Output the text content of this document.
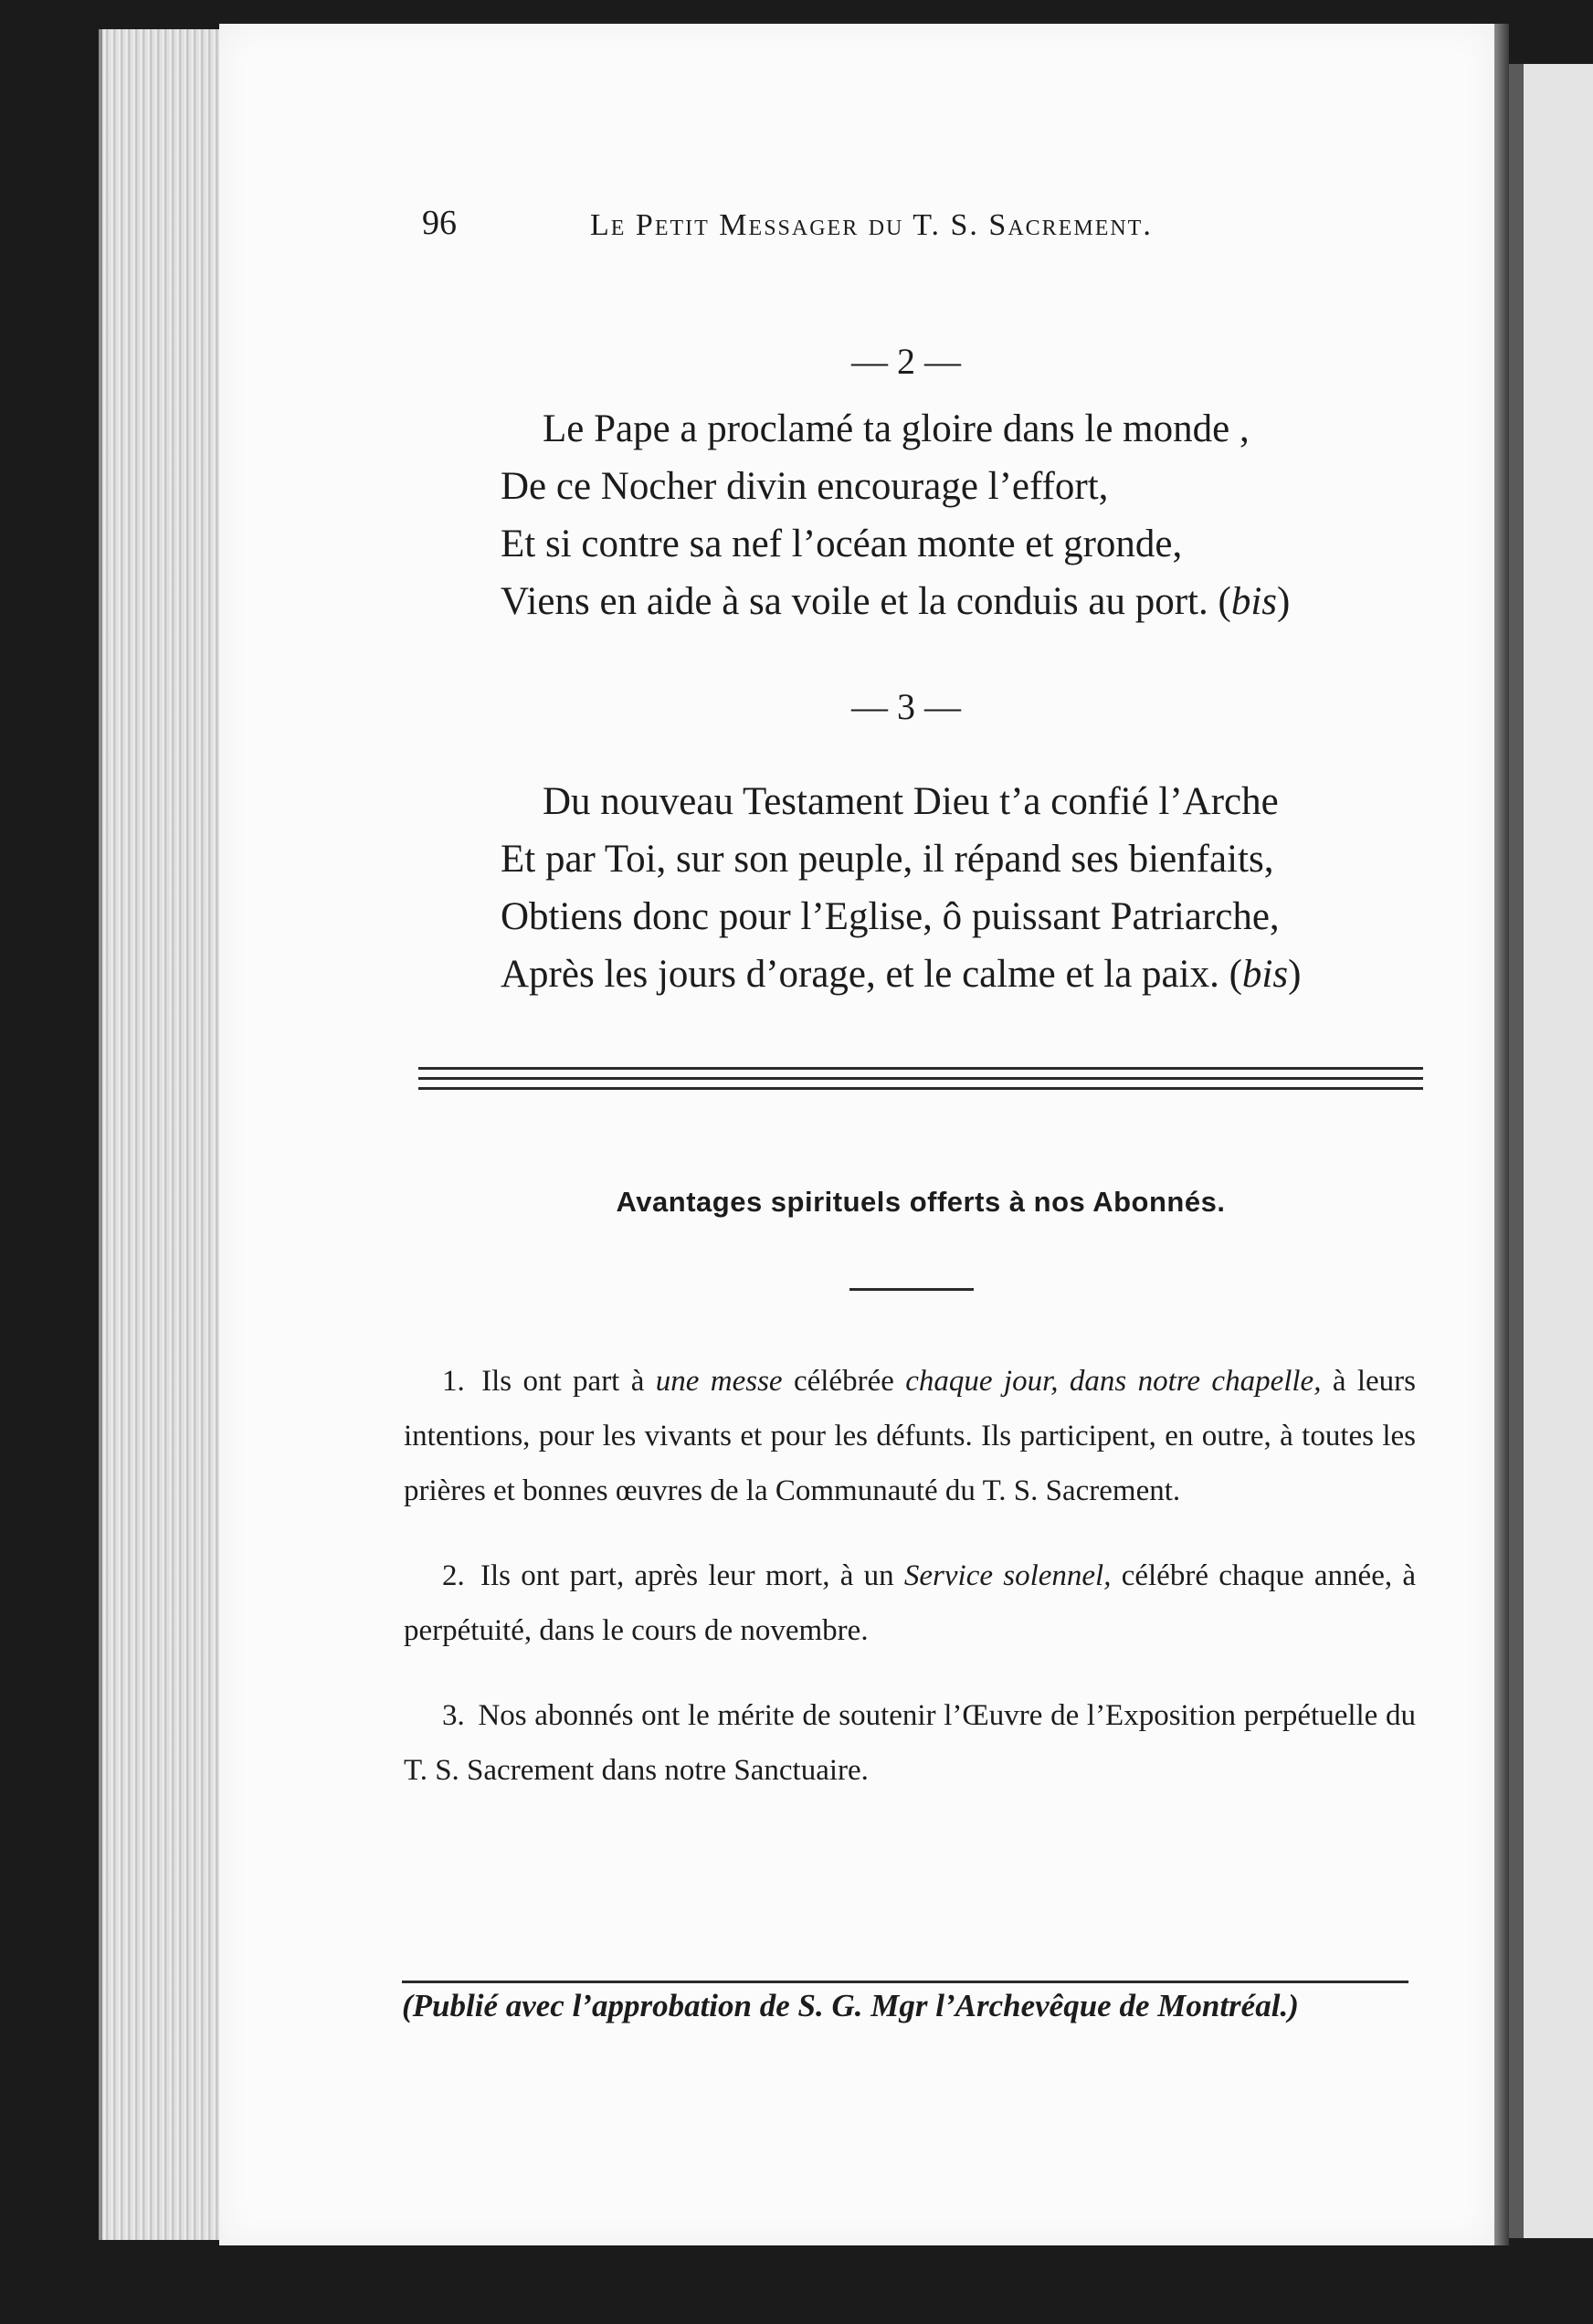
96	Le Petit Messager du T. S. Sacrement.
— 2 —
Le Pape a proclamé ta gloire dans le monde ,
De ce Nocher divin encourage l’effort,
Et si contre sa nef l’océan monte et gronde,
Viens en aide à sa voile et la conduis au port. (bis)
— 3 —
Du nouveau Testament Dieu t’a confié l’Arche
Et par Toi, sur son peuple, il répand ses bienfaits,
Obtiens donc pour l’Eglise, ô puissant Patriarche,
Après les jours d’orage, et le calme et la paix. (bis)
Avantages spirituels offerts à nos Abonnés.

1. Ils ont part à une messe célébrée chaque jour, dans notre chapelle, à leurs intentions, pour les vivants et pour les défunts. Ils participent, en outre, à toutes les prières et bonnes œuvres de la Communauté du T. S. Sacrement.

2. Ils ont part, après leur mort, à un Service solennel, célébré chaque année, à perpétuité, dans le cours de novembre.

3. Nos abonnés ont le mérite de soutenir l’Œuvre de l’Exposition perpétuelle du T. S. Sacrement dans notre Sanctuaire.

(Publié avec l’approbation de S. G. Mgr l’Archevêque de Montréal.)
